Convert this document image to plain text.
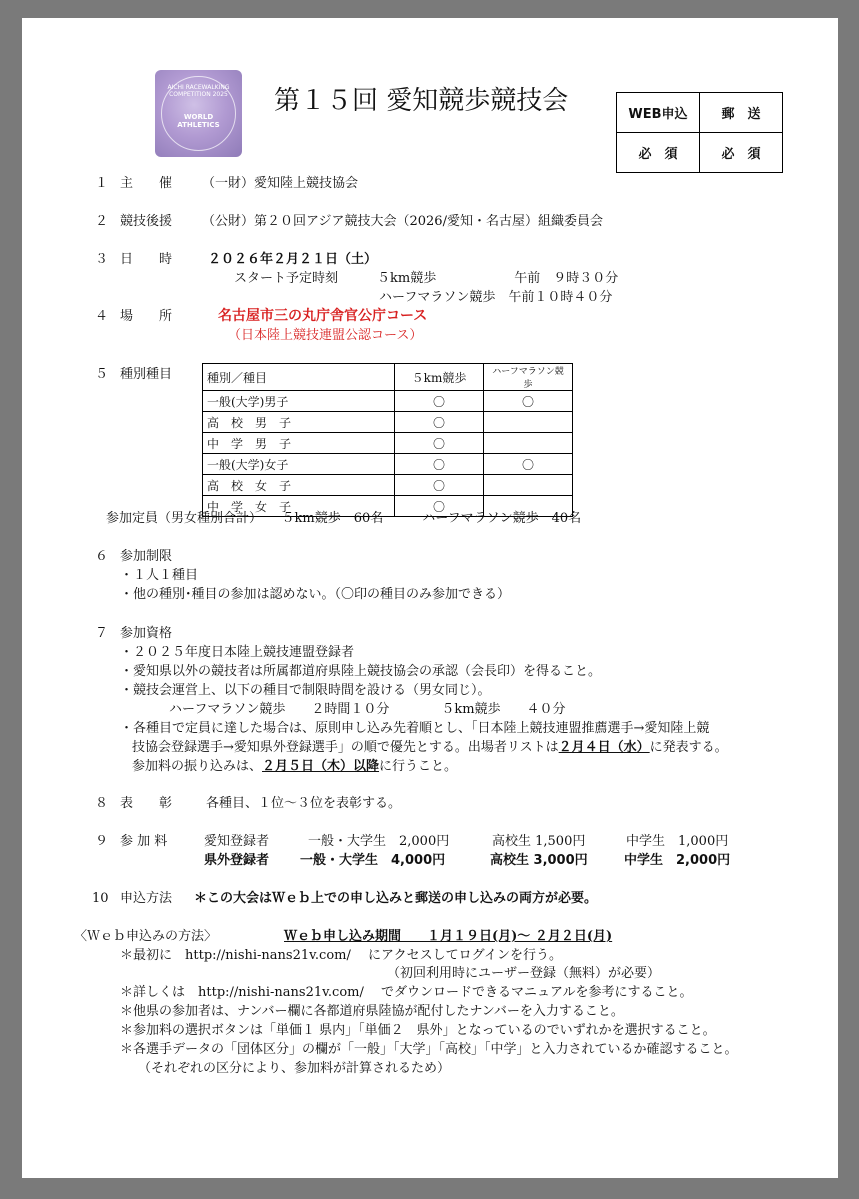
AICHI RACEWALKING COMPETITION 2025
WORLD
ATHLETICS
第１５回 愛知競歩競技会	WEB申込	郵　送
必　須	必　須
１ 主　　催 （一財）愛知陸上競技協会
２ 競技後援 （公財）第２０回アジア競技大会（2026/愛知・名古屋）組織委員会
３ 日　　時	２０２６年２月２１日（土）
スタート予定時刻　　　５km競歩　　　　　　午前　９時３０分
ハーフマラソン競歩　午前１０時４０分
４ 場　　所	名古屋市三の丸庁舎官公庁コース
（日本陸上競技連盟公認コース）
５ 種別種目	種別／種目	５km競歩	ハーフマラソン競歩
一般(大学)男子	〇	〇
高　校　男　子	〇	
中　学　男　子	〇	
一般(大学)女子	〇	〇
高　校　女　子	〇	
中　学　女　子	〇	
参加定員（男女種別合計）　　５km競歩　60名　　　ハーフマラソン競歩　40名
６ 参加制限
・１人１種目
・他の種別･種目の参加は認めない。（〇印の種目のみ参加できる）
７ 参加資格
・２０２５年度日本陸上競技連盟登録者
・愛知県以外の競技者は所属都道府県陸上競技協会の承認（会長印）を得ること。
・競技会運営上、以下の種目で制限時間を設ける（男女同じ）。
ハーフマラソン競歩　　２時間１０分　　　　５km競歩　　４０分
・各種目で定員に達した場合は、原則申し込み先着順とし、「日本陸上競技連盟推薦選手→愛知陸上競
技協会登録選手→愛知県外登録選手」の順で優先とする。出場者リストは２月４日（水）に発表する。
参加料の振り込みは、２月５日（木）以降に行うこと。
８ 表　　彰	各種目、１位～３位を表彰する。
９ 参 加 料	愛知登録者	一般・大学生　2,000円	高校生 1,500円	中学生　1,000円
県外登録者 一般・大学生　4,000円	高校生 3,000円	中学生　2,000円
10 申込方法 ＊この大会はＷｅｂ上での申し込みと郵送の申し込みの両方が必要。
〈Ｗｅｂ申込みの方法〉	Ｗｅｂ申し込み期間　　１月１９日(月)～ ２月２日(月)
＊最初に　http://nishi-nans21v.com/　 にアクセスしてログインを行う。
（初回利用時にユーザー登録（無料）が必要）
＊詳しくは　http://nishi-nans21v.com/　 でダウンロードできるマニュアルを参考にすること。
＊他県の参加者は、ナンバー欄に各都道府県陸協が配付したナンバーを入力すること。
＊参加料の選択ボタンは「単価１ 県内」「単価２　県外」となっているのでいずれかを選択すること。
＊各選手データの「団体区分」の欄が「一般」「大学」「高校」「中学」と入力されているか確認すること。
（それぞれの区分により、参加料が計算されるため）
